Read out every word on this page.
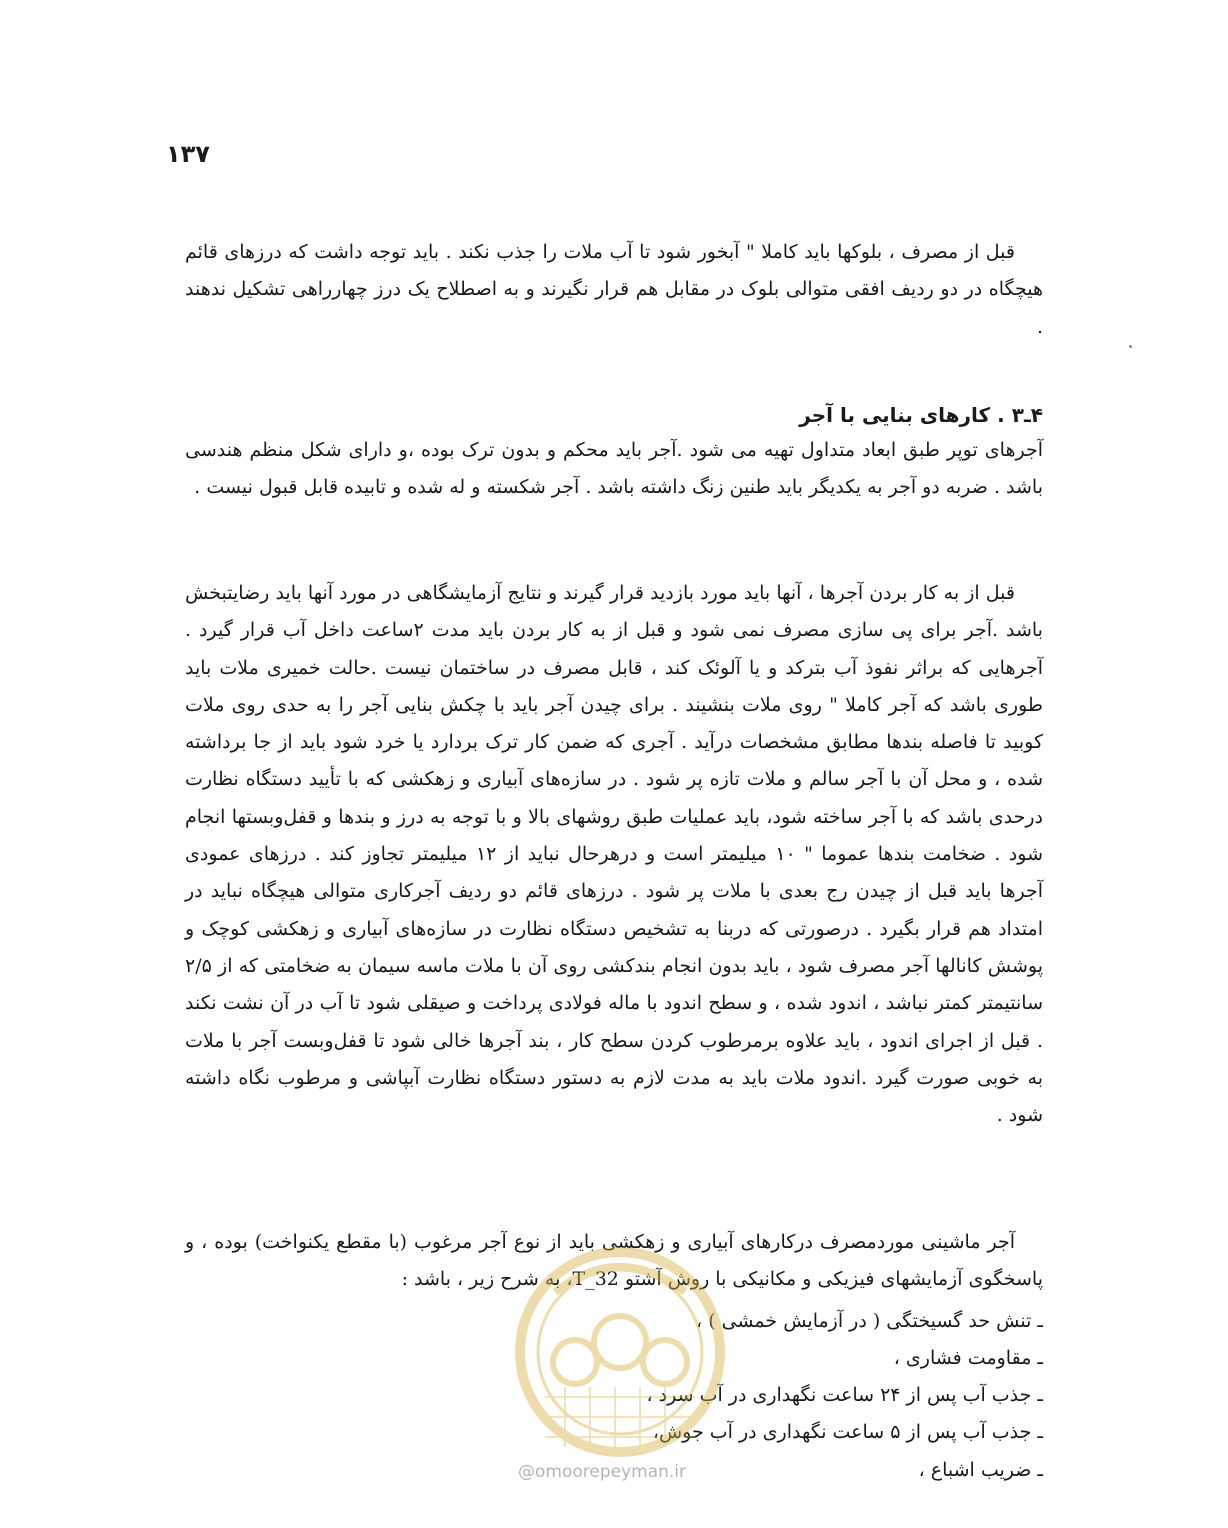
۱۳۷

قبل از مصرف ، بلوکها باید کاملا " آبخور شود تا آب ملات را جذب نکند . باید توجه داشت که درزهای قائم هیچگاه در دو ردیف افقی متوالی بلوک در مقابل هم قرار نگیرند و به اصطلاح یک درز چهارراهی تشکیل ندهند .

۴ـ۳ . کارهای بنایی با آجر

آجرهای توپر طبق ابعاد متداول تهیه می شود .آجر باید محکم و بدون ترک بوده ،و دارای شکل منظم هندسی باشد . ضربه دو آجر به یکدیگر باید طنین زنگ داشته باشد . آجر شکسته و له شده و تابیده قابل قبول نیست .

قبل از به کار بردن آجرها ، آنها باید مورد بازدید قرار گیرند و نتایج آزمایشگاهی در مورد آنها باید رضایتبخش باشد .آجر برای پی سازی مصرف نمی شود و قبل از به کار بردن باید مدت ۲ساعت داخل آب قرار گیرد . آجرهایی که براثر نفوذ آب بترکد و یا آلوئک کند ، قابل مصرف در ساختمان نیست .حالت خمیری ملات باید طوری باشد که آجر کاملا " روی ملات بنشیند . برای چیدن آجر باید با چکش بنایی آجر را به حدی روی ملات کوبید تا فاصله بندها مطابق مشخصات درآید . آجری که ضمن کار ترک بردارد یا خرد شود باید از جا برداشته شده ، و محل آن با آجر سالم و ملات تازه پر شود . در سازه‌های آبیاری و زهکشی که با تأیید دستگاه نظارت درحدی باشد که با آجر ساخته شود، باید عملیات طبق روشهای بالا و با توجه به درز و بندها و قفل‌وبستها انجام شود . ضخامت بندها عموما " ۱۰ میلیمتر است و درهرحال نباید از ۱۲ میلیمتر تجاوز کند . درزهای عمودی آجرها باید قبل از چیدن رج بعدی با ملات پر شود . درزهای قائم دو ردیف آجرکاری متوالی هیچگاه نباید در امتداد هم قرار بگیرد . درصورتی که دربنا به تشخیص دستگاه نظارت در سازه‌های آبیاری و زهکشی کوچک و پوشش کانالها آجر مصرف شود ، باید بدون انجام بندکشی روی آن با ملات ماسه سیمان به ضخامتی که از ۲/۵ سانتیمتر کمتر نباشد ، اندود شده ، و سطح اندود با ماله فولادی پرداخت و صیقلی شود تا آب در آن نشت نکند . قبل از اجرای اندود ، باید علاوه برمرطوب کردن سطح کار ، بند آجرها خالی شود تا قفل‌وبست آجر با ملات به خوبی صورت گیرد .اندود ملات باید به مدت لازم به دستور دستگاه نظارت آبپاشی و مرطوب نگاه داشته شود .

آجر ماشینی موردمصرف درکارهای آبیاری و زهکشی باید از نوع آجر مرغوب (با مقطع یکنواخت) بوده ، و پاسخگوی آزمایشهای فیزیکی و مکانیکی با روش آشتو T_32، به شرح زیر ، باشد :

ـ تنش حد گسیختگی ( در آزمایش خمشی ) ،
ـ مقاومت فشاری ،
ـ جذب آب پس از ۲۴ ساعت نگهداری در آب سرد ،
ـ جذب آب پس از ۵ ساعت نگهداری در آب جوش،
ـ ضریب اشباع ،
@omoorepeyman.ir
